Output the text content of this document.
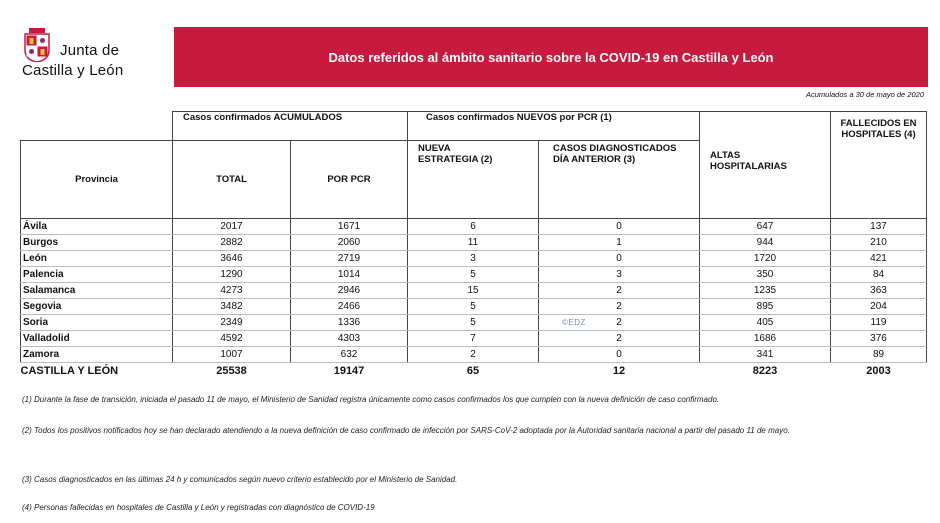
Junta de
Castilla y León
Datos referidos al ámbito sanitario sobre la COVID-19 en Castilla y León
Acumulados a 30 de mayo de 2020
	Casos confirmados ACUMULADOS		Casos confirmados NUEVOS por PCR (1)			FALLECIDOS EN HOSPITALES (4)
Provincia	TOTAL	POR PCR	NUEVA ESTRATEGIA (2)	CASOS DIAGNOSTICADOS DÍA ANTERIOR (3)	ALTAS HOSPITALARIAS	
Ávila	2017	1671	6	0	647	137
Burgos	2882	2060	11	1	944	210
León	3646	2719	3	0	1720	421
Palencia	1290	1014	5	3	350	84
Salamanca	4273	2946	15	2	1235	363
Segovia	3482	2466	5	2	895	204
Soria	2349	1336	5	2	405	119
Valladolid	4592	4303	7	2	1686	376
Zamora	1007	632	2	0	341	89
CASTILLA Y LEÓN	25538	19147	65	12	8223	2003
©EDZ

(1) Durante la fase de transición, iniciada el pasado 11 de mayo, el Ministerio de Sanidad registra únicamente como casos confirmados los que cumplen con la nueva definición de caso confirmado.

(2) Todos los positivos notificados hoy se han declarado atendiendo a la nueva definición de caso confirmado de infección por SARS-CoV-2 adoptada por la Autoridad sanitaria nacional a partir del pasado 11 de mayo.

(3) Casos diagnosticados en las últimas 24 h y comunicados según nuevo criterio establecido por el Ministerio de Sanidad.

(4) Personas fallecidas en hospitales de Castilla y León y registradas con diagnóstico de COVID-19
